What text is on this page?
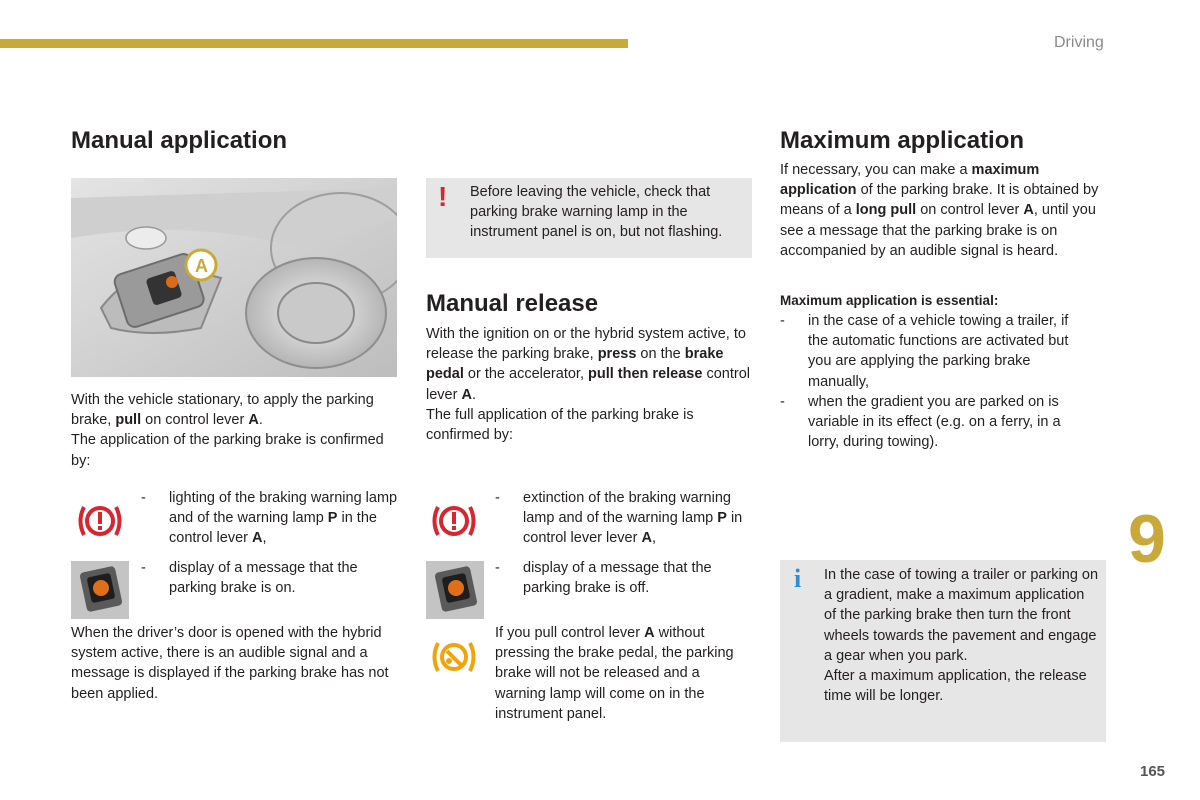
Driving
9
165
Manual application
A

With the vehicle stationary, to apply the parking brake, pull on control lever A.

The application of the parking brake is confirmed by:

- lighting of the braking warning lamp and of the warning lamp P in the control lever A,
- display of a message that the parking brake is on.
When the driver’s door is opened with the hybrid system active, there is an audible signal and a message is displayed if the parking brake has not been applied.
! Before leaving the vehicle, check that parking brake warning lamp in the instrument panel is on, but not flashing.
Manual release

With the ignition on or the hybrid system active, to release the parking brake, press on the brake pedal or the accelerator, pull then release control lever A.

The full application of the parking brake is confirmed by:

- extinction of the braking warning lamp and of the warning lamp P in control lever lever A,
- display of a message that the parking brake is off.
If you pull control lever A without pressing the brake pedal, the parking brake will not be released and a warning lamp will come on in the instrument panel.
Maximum application

If necessary, you can make a maximum application of the parking brake. It is obtained by means of a long pull on control lever A, until you see a message that the parking brake is on accompanied by an audible signal is heard.

Maximum application is essential:
- in the case of a vehicle towing a trailer, if the automatic functions are activated but you are applying the parking brake manually,
- when the gradient you are parked on is variable in its effect (e.g. on a ferry, in a lorry, during towing).
i In the case of towing a trailer or parking on a gradient, make a maximum application of the parking brake then turn the front wheels towards the pavement and engage a gear when you park.

After a maximum application, the release time will be longer.
